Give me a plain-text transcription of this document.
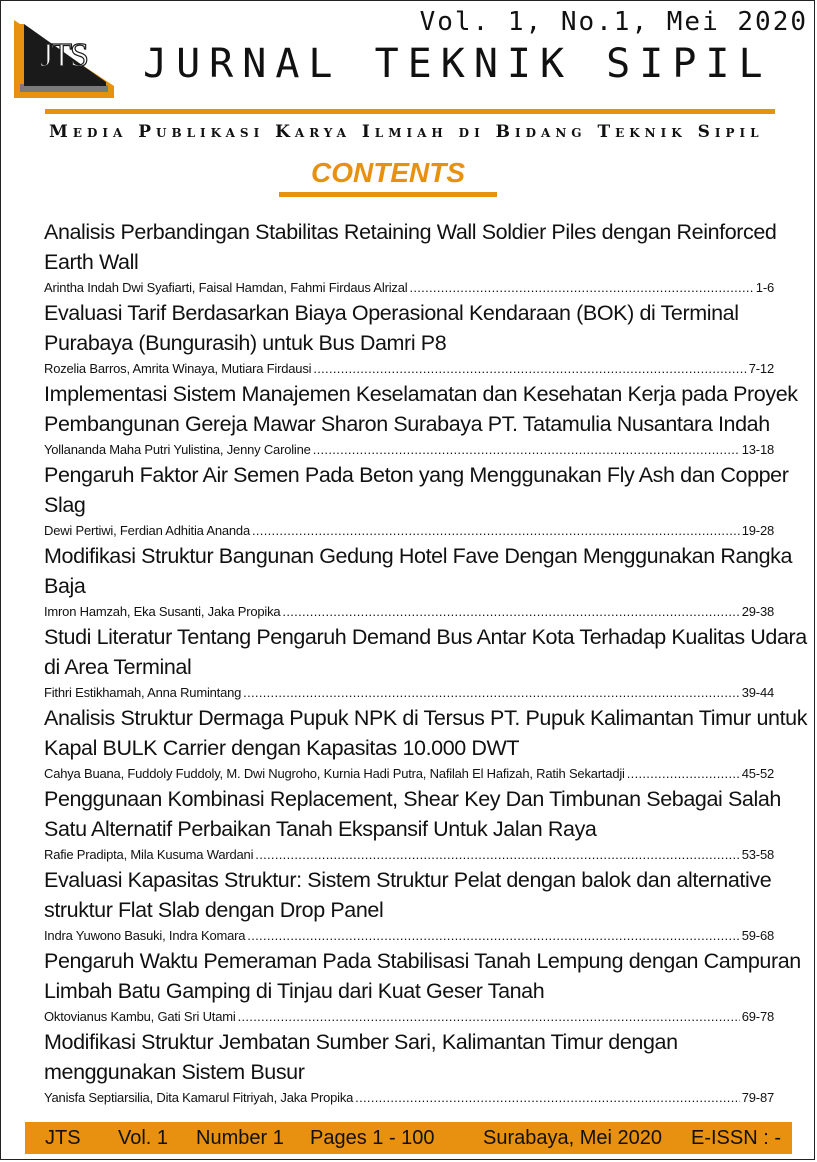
JTS
Vol. 1, No.1, Mei 2020
JURNAL TEKNIK SIPIL
Media Publikasi Karya Ilmiah di Bidang Teknik Sipil
CONTENTS
Analisis Perbandingan Stabilitas Retaining Wall Soldier Piles dengan Reinforced Earth Wall
Arintha Indah Dwi Syafiarti, Faisal Hamdan, Fahmi Firdaus Alrizal .....	1-6
Evaluasi Tarif Berdasarkan Biaya Operasional Kendaraan (BOK) di Terminal Purabaya (Bungurasih) untuk Bus Damri P8
Rozelia Barros, Amrita Winaya, Mutiara Firdausi .....	7-12
Implementasi Sistem Manajemen Keselamatan dan Kesehatan Kerja pada Proyek Pembangunan Gereja Mawar Sharon Surabaya PT. Tatamulia Nusantara Indah
Yollananda Maha Putri Yulistina, Jenny Caroline .....	13-18
Pengaruh Faktor Air Semen Pada Beton yang Menggunakan Fly Ash dan Copper Slag
Dewi Pertiwi, Ferdian Adhitia Ananda .....	19-28
Modifikasi Struktur Bangunan Gedung Hotel Fave Dengan Menggunakan Rangka Baja
Imron Hamzah, Eka Susanti, Jaka Propika .....	29-38
Studi Literatur Tentang Pengaruh Demand Bus Antar Kota Terhadap Kualitas Udara di Area Terminal
Fithri Estikhamah, Anna Rumintang .....	39-44
Analisis Struktur Dermaga Pupuk NPK di Tersus PT. Pupuk Kalimantan Timur untuk Kapal BULK Carrier dengan Kapasitas 10.000 DWT
Cahya Buana, Fuddoly Fuddoly, M. Dwi Nugroho, Kurnia Hadi Putra, Nafilah El Hafizah, Ratih Sekartadji .....	45-52
Penggunaan Kombinasi Replacement, Shear Key Dan Timbunan Sebagai Salah Satu Alternatif Perbaikan Tanah Ekspansif Untuk Jalan Raya
Rafie Pradipta, Mila Kusuma Wardani .....	53-58
Evaluasi Kapasitas Struktur: Sistem Struktur Pelat dengan balok dan alternative struktur Flat Slab dengan Drop Panel
Indra Yuwono Basuki, Indra Komara .....	59-68
Pengaruh Waktu Pemeraman Pada Stabilisasi Tanah Lempung dengan Campuran Limbah Batu Gamping di Tinjau dari Kuat Geser Tanah
Oktovianus Kambu, Gati Sri Utami .....	69-78
Modifikasi Struktur Jembatan Sumber Sari, Kalimantan Timur dengan menggunakan Sistem Busur
Yanisfa Septiarsilia, Dita Kamarul Fitriyah, Jaka Propika .....	79-87
JTS Vol. 1 Number 1 Pages 1 - 100 Surabaya, Mei 2020 E-ISSN : -
